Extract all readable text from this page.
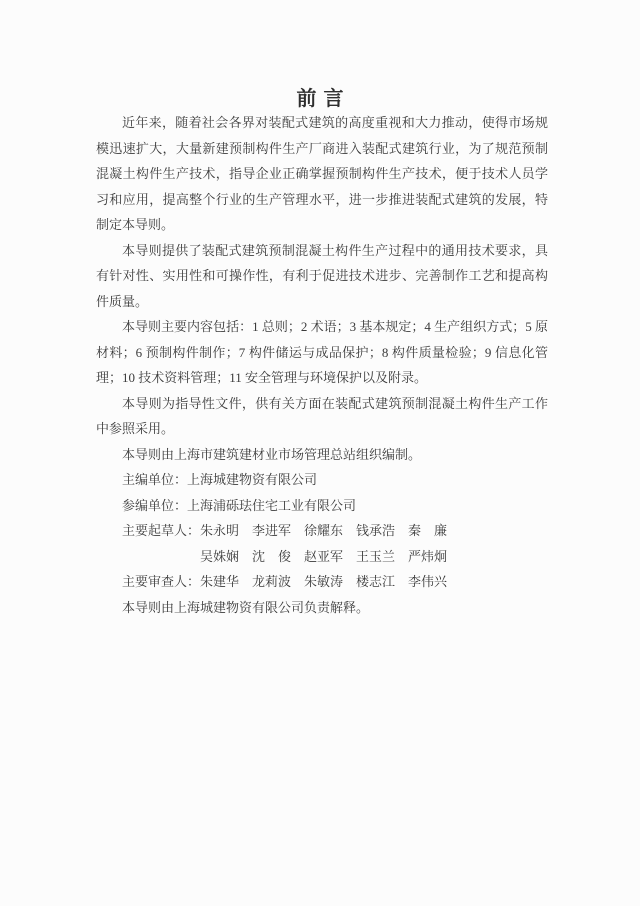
前言

近年来，随着社会各界对装配式建筑的高度重视和大力推动，使得市场规模迅速扩大，大量新建预制构件生产厂商进入装配式建筑行业，为了规范预制混凝土构件生产技术，指导企业正确掌握预制构件生产技术，便于技术人员学习和应用，提高整个行业的生产管理水平，进一步推进装配式建筑的发展，特制定本导则。

本导则提供了装配式建筑预制混凝土构件生产过程中的通用技术要求，具有针对性、实用性和可操作性，有利于促进技术进步、完善制作工艺和提高构件质量。

本导则主要内容包括：1 总则；2 术语；3 基本规定；4 生产组织方式；5 原材料；6 预制构件制作；7 构件储运与成品保护；8 构件质量检验；9 信息化管理；10 技术资料管理；11 安全管理与环境保护以及附录。

本导则为指导性文件，供有关方面在装配式建筑预制混凝土构件生产工作中参照采用。

本导则由上海市建筑建材业市场管理总站组织编制。

主编单位：上海城建物资有限公司

参编单位：上海浦砾珐住宅工业有限公司

主要起草人：朱永明　李进军　徐耀东　钱承浩　秦　廉

吴姝娴　沈　俊　赵亚军　王玉兰　严炜炯

主要审查人：朱建华　龙莉波　朱敏涛　楼志江　李伟兴

本导则由上海城建物资有限公司负责解释。
